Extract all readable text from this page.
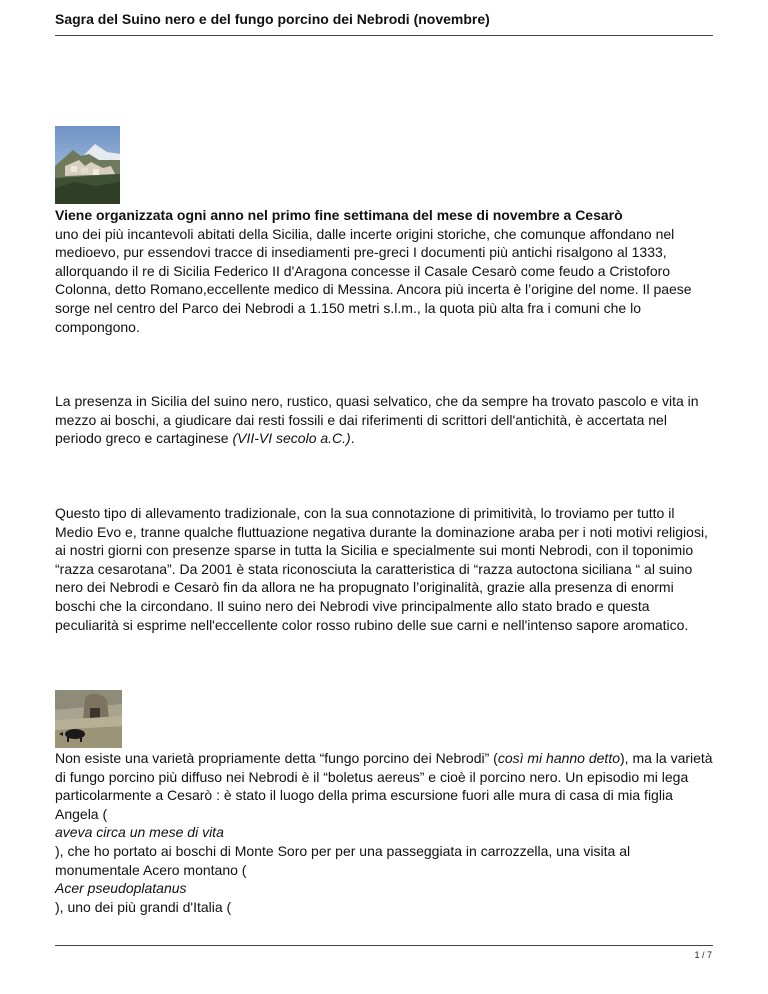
Sagra del Suino nero e del fungo porcino dei Nebrodi (novembre)

Viene organizzata ogni anno nel primo fine settimana del mese di novembre a Cesarò
uno dei più incantevoli abitati della Sicilia, dalle incerte origini storiche, che comunque affondano nel medioevo, pur essendovi tracce di insediamenti pre-greci I documenti più antichi risalgono al 1333, allorquando il re di Sicilia Federico II d'Aragona concesse il Casale Cesarò come feudo a Cristoforo Colonna, detto Romano,eccellente medico di Messina. Ancora più incerta è l’origine del nome. Il paese sorge nel centro del Parco dei Nebrodi a 1.150 metri s.l.m., la quota più alta fra i comuni che lo compongono.

La presenza in Sicilia del suino nero, rustico, quasi selvatico, che da sempre ha trovato pascolo e vita in mezzo ai boschi, a giudicare dai resti fossili e dai riferimenti di scrittori dell'antichità, è accertata nel periodo greco e cartaginese (VII-VI secolo a.C.).

Questo tipo di allevamento tradizionale, con la sua connotazione di primitività, lo troviamo per tutto il Medio Evo e, tranne qualche fluttuazione negativa durante la dominazione araba per i noti motivi religiosi, ai nostri giorni con presenze sparse in tutta la Sicilia e specialmente sui monti Nebrodi, con il toponimio “razza cesarotana”. Da 2001 è stata riconosciuta la caratteristica di “razza autoctona siciliana “ al suino nero dei Nebrodi e Cesarò fin da allora ne ha propugnato l’originalità, grazie alla presenza di enormi boschi che la circondano. Il suino nero dei Nebrodi vive principalmente allo stato brado e questa peculiarità si esprime nell'eccellente color rosso rubino delle sue carni e nell'intenso sapore aromatico.

Non esiste una varietà propriamente detta “fungo porcino dei Nebrodi” (così mi hanno detto), ma la varietà di fungo porcino più diffuso nei Nebrodi è il “boletus aereus” e cioè il porcino nero. Un episodio mi lega particolarmente a Cesarò : è stato il luogo della prima escursione fuori alle mura di casa di mia figlia Angela (
aveva circa un mese di vita
), che ho portato ai boschi di Monte Soro per per una passeggiata in carrozzella, una visita al monumentale Acero montano (
Acer pseudoplatanus
), uno dei più grandi d'Italia (

1 / 7
